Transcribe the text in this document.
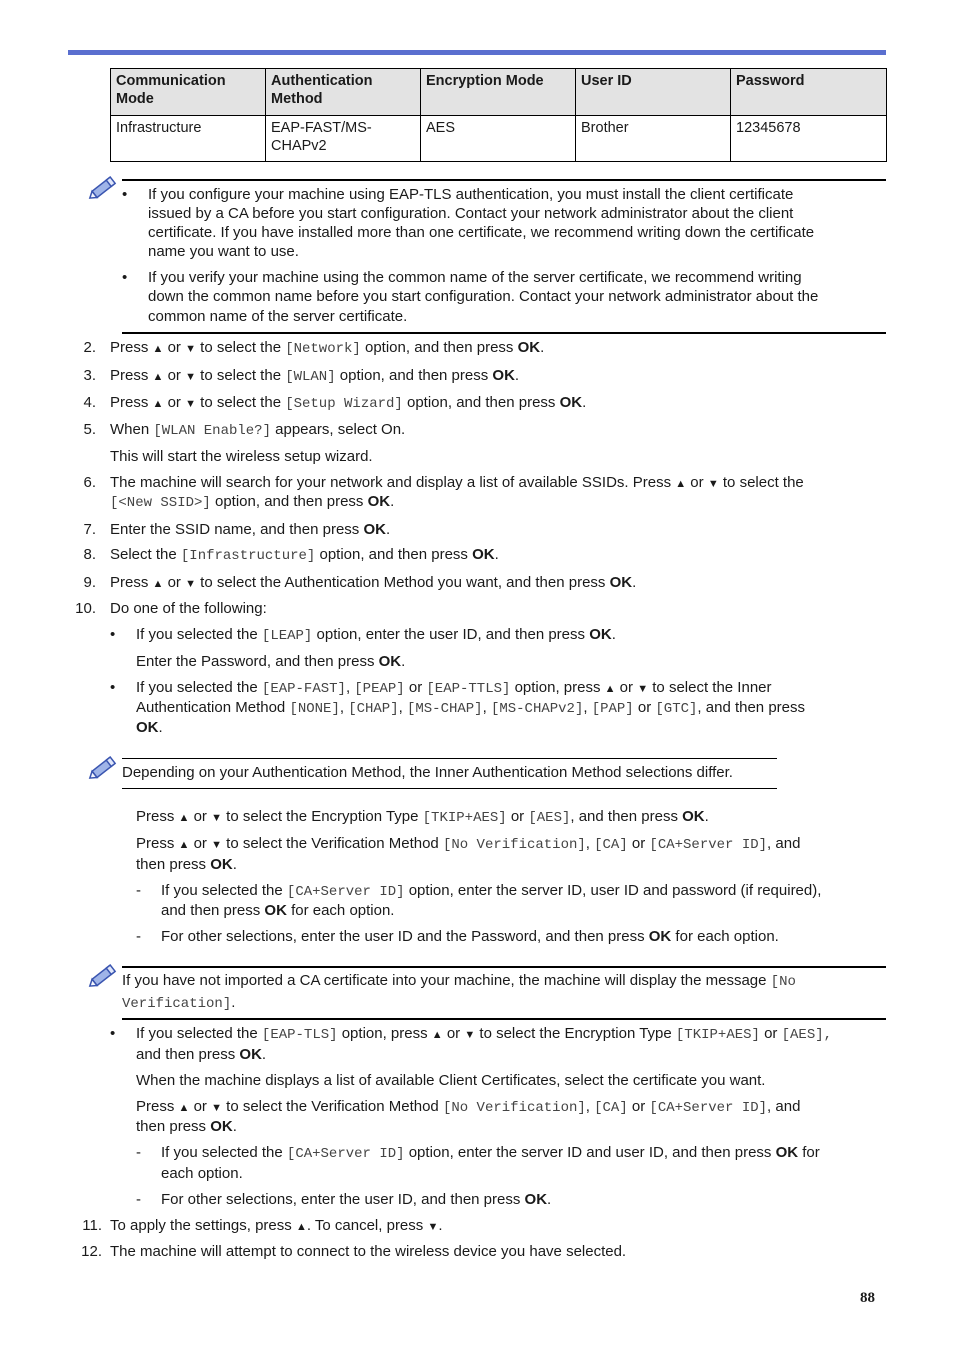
Communication Mode	Authentication Method	Encryption Mode	User ID	Password
Infrastructure	EAP-FAST/MS-CHAPv2	AES	Brother	12345678
• If you configure your machine using EAP-TLS authentication, you must install the client certificate
issued by a CA before you start configuration. Contact your network administrator about the client
certificate. If you have installed more than one certificate, we recommend writing down the certificate
name you want to use.
• If you verify your machine using the common name of the server certificate, we recommend writing
down the common name before you start configuration. Contact your network administrator about the
common name of the server certificate.
2. Press ▲ or ▼ to select the [Network] option, and then press OK.
3. Press ▲ or ▼ to select the [WLAN] option, and then press OK.
4. Press ▲ or ▼ to select the [Setup Wizard] option, and then press OK.
5. When [WLAN Enable?] appears, select On.
This will start the wireless setup wizard.
6. The machine will search for your network and display a list of available SSIDs. Press ▲ or ▼ to select the
[<New SSID>] option, and then press OK.
7. Enter the SSID name, and then press OK.
8. Select the [Infrastructure] option, and then press OK.
9. Press ▲ or ▼ to select the Authentication Method you want, and then press OK.
10. Do one of the following:
• If you selected the [LEAP] option, enter the user ID, and then press OK.
Enter the Password, and then press OK.
• If you selected the [EAP-FAST], [PEAP] or [EAP-TTLS] option, press ▲ or ▼ to select the Inner
Authentication Method [NONE], [CHAP], [MS-CHAP], [MS-CHAPv2], [PAP] or [GTC], and then press
OK.
Depending on your Authentication Method, the Inner Authentication Method selections differ.
Press ▲ or ▼ to select the Encryption Type [TKIP+AES] or [AES], and then press OK.
Press ▲ or ▼ to select the Verification Method [No Verification], [CA] or [CA+Server ID], and
then press OK.
- If you selected the [CA+Server ID] option, enter the server ID, user ID and password (if required),
and then press OK for each option.
- For other selections, enter the user ID and the Password, and then press OK for each option.
If you have not imported a CA certificate into your machine, the machine will display the message [No
Verification].
• If you selected the [EAP-TLS] option, press ▲ or ▼ to select the Encryption Type [TKIP+AES] or [AES],
and then press OK.
When the machine displays a list of available Client Certificates, select the certificate you want.
Press ▲ or ▼ to select the Verification Method [No Verification], [CA] or [CA+Server ID], and
then press OK.
- If you selected the [CA+Server ID] option, enter the server ID and user ID, and then press OK for
each option.
- For other selections, enter the user ID, and then press OK.
11. To apply the settings, press ▲. To cancel, press ▼.
12. The machine will attempt to connect to the wireless device you have selected.
88
